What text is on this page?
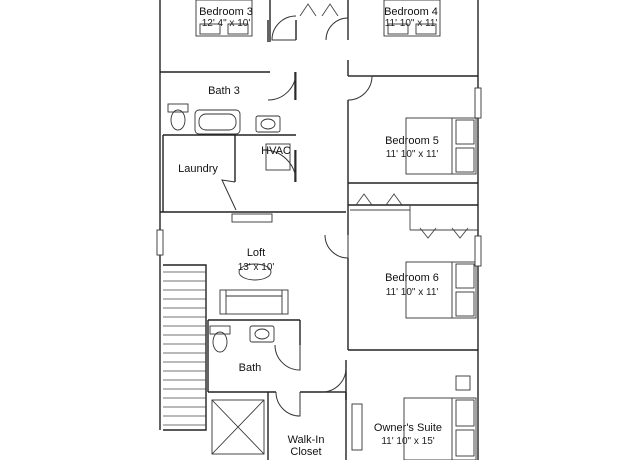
Bedroom 3
12' 4" x 10'
Bedroom 4
11' 10" x 11'
Bath 3
HVAC
Laundry
Bedroom 5
11' 10" x 11'
Loft
13' x 10'
Bedroom 6
11' 10" x 11'
Bath
Walk-In
Closet
Owner's Suite
11' 10" x 15'
